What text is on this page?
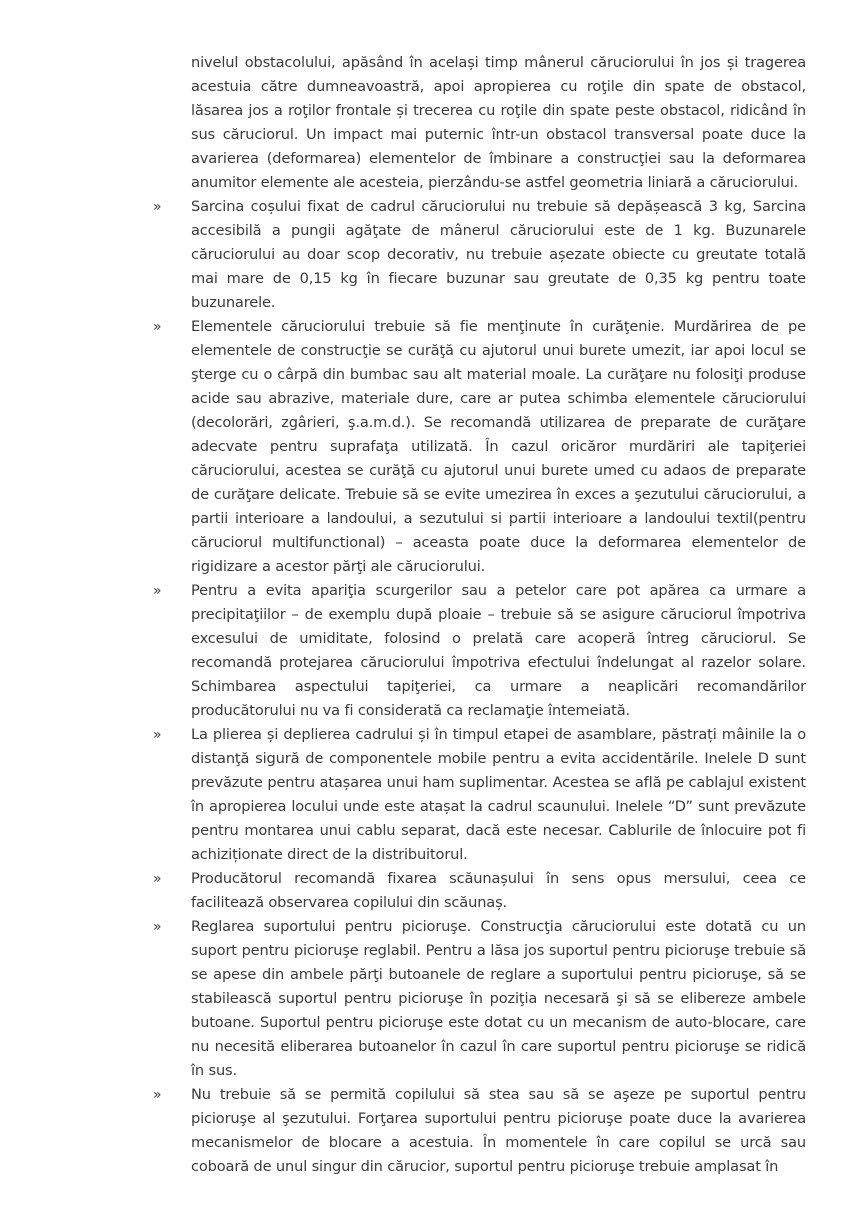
nivelul obstacolului, apăsând în același timp mânerul căruciorului în jos și tragerea acestuia către dumneavoastră, apoi apropierea cu roţile din spate de obstacol, lăsarea jos a roţilor frontale și trecerea cu roţile din spate peste obstacol, ridicând în sus căruciorul. Un impact mai puternic într-un obstacol transversal poate duce la avarierea (deformarea) elementelor de îmbinare a construcţiei sau la deformarea anumitor elemente ale acesteia, pierzându-se astfel geometria liniară a căruciorului.

»	Sarcina coșului fixat de cadrul căruciorului nu trebuie să depășească 3 kg, Sarcina accesibilă a pungii agăţate de mânerul căruciorului este de 1 kg. Buzunarele căruciorului au doar scop decorativ, nu trebuie așezate obiecte cu greutate totală mai mare de 0,15 kg în fiecare buzunar sau greutate de 0,35 kg pentru toate buzunarele.

»	Elementele căruciorului trebuie să fie menţinute în curăţenie. Murdărirea de pe elementele de construcţie se curăţă cu ajutorul unui burete umezit, iar apoi locul se şterge cu o cârpă din bumbac sau alt material moale. La curăţare nu folosiţi produse acide sau abrazive, materiale dure, care ar putea schimba elementele căruciorului (decolorări, zgârieri, ş.a.m.d.). Se recomandă utilizarea de preparate de curăţare adecvate pentru suprafaţa utilizată. În cazul oricăror murdăriri ale tapiţeriei căruciorului, acestea se curăţă cu ajutorul unui burete umed cu adaos de preparate de curăţare delicate. Trebuie să se evite umezirea în exces a şezutului căruciorului, a partii interioare a landoului, a sezutului si partii interioare a landoului textil(pentru căruciorul multifunctional) – aceasta poate duce la deformarea elementelor de rigidizare a acestor părţi ale căruciorului.

»	Pentru a evita apariţia scurgerilor sau a petelor care pot apărea ca urmare a precipitaţiilor – de exemplu după ploaie – trebuie să se asigure căruciorul împotriva excesului de umiditate, folosind o prelată care acoperă întreg căruciorul. Se recomandă protejarea căruciorului împotriva efectului îndelungat al razelor solare. Schimbarea aspectului tapiţeriei, ca urmare a neaplicări recomandărilor producătorului nu va fi considerată ca reclamaţie întemeiată.

»	La plierea și deplierea cadrului și în timpul etapei de asamblare, păstrați mâinile la o distanţă sigură de componentele mobile pentru a evita accidentările. Inelele D sunt prevăzute pentru atașarea unui ham suplimentar. Acestea se află pe cablajul existent în apropierea locului unde este atașat la cadrul scaunului. Inelele “D” sunt prevăzute pentru montarea unui cablu separat, dacă este necesar. Cablurile de înlocuire pot fi achiziționate direct de la distribuitorul.

»	Producătorul recomandă fixarea scăunașului în sens opus mersului, ceea ce facilitează observarea copilului din scăunaș.

»	Reglarea suportului pentru picioruşe. Construcţia căruciorului este dotată cu un suport pentru picioruşe reglabil. Pentru a lăsa jos suportul pentru picioruşe trebuie să se apese din ambele părţi butoanele de reglare a suportului pentru picioruşe, să se stabilească suportul pentru picioruşe în poziţia necesară şi să se elibereze ambele butoane. Suportul pentru picioruşe este dotat cu un mecanism de auto-blocare, care nu necesită eliberarea butoanelor în cazul în care suportul pentru picioruşe se ridică în sus.

»	Nu trebuie să se permită copilului să stea sau să se aşeze pe suportul pentru picioruşe al şezutului. Forţarea suportului pentru picioruşe poate duce la avarierea mecanismelor de blocare a acestuia. În momentele în care copilul se urcă sau coboară de unul singur din cărucior, suportul pentru picioruşe trebuie amplasat în
